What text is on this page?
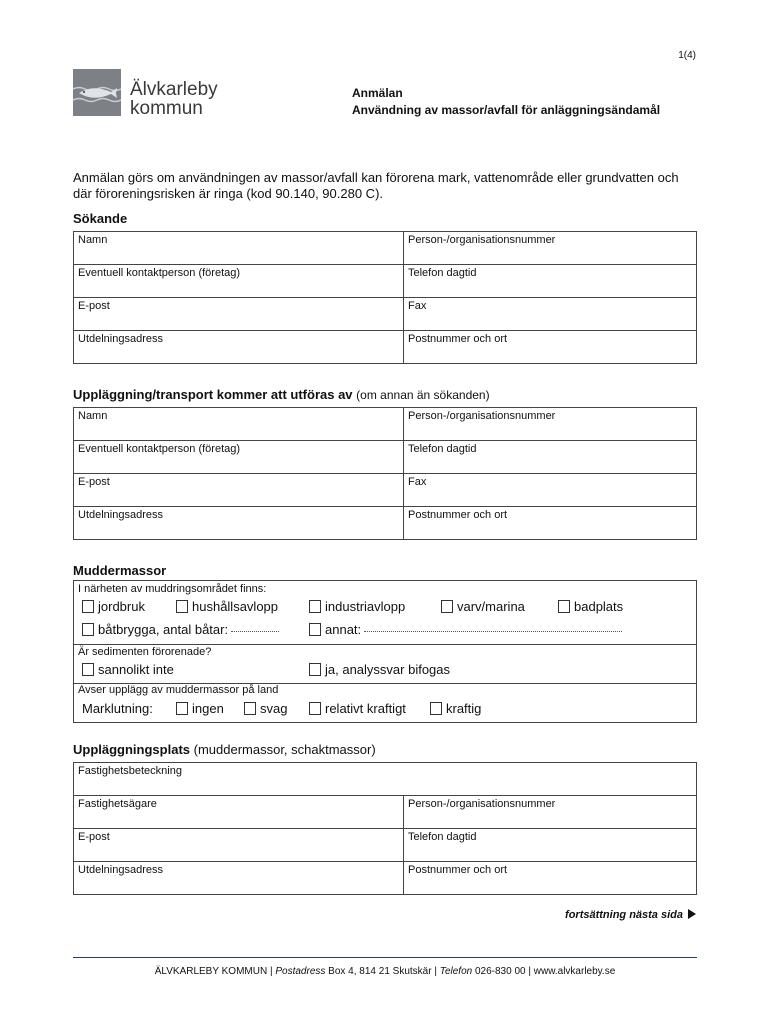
1(4)
Älvkarleby
kommun
Anmälan
Användning av massor/avfall för anläggningsändamål
Anmälan görs om användningen av massor/avfall kan förorena mark, vattenområde eller grundvatten och där föroreningsrisken är ringa (kod 90.140, 90.280 C).
Sökande
Namn	Person-/organisationsnummer
Eventuell kontaktperson (företag)	Telefon dagtid
E-post	Fax
Utdelningsadress	Postnummer och ort
Uppläggning/transport kommer att utföras av (om annan än sökanden)
Namn	Person-/organisationsnummer
Eventuell kontaktperson (företag)	Telefon dagtid
E-post	Fax
Utdelningsadress	Postnummer och ort
Muddermassor
I närheten av muddringsområdet finns:
jordbruk	hushållsavlopp	industriavlopp	varv/marina	badplats
båtbrygga, antal båtar:	annat:
Är sedimenten förorenade?
sannolikt inte	ja, analyssvar bifogas
Avser upplägg av muddermassor på land
Marklutning:	ingen	svag	relativt kraftigt	kraftig
Uppläggningsplats (muddermassor, schaktmassor)
Fastighetsbeteckning	
Fastighetsägare	Person-/organisationsnummer
E-post	Telefon dagtid
Utdelningsadress	Postnummer och ort
fortsättning nästa sida
ÄLVKARLEBY KOMMUN | Postadress Box 4, 814 21 Skutskär | Telefon 026-830 00 | www.alvkarleby.se
